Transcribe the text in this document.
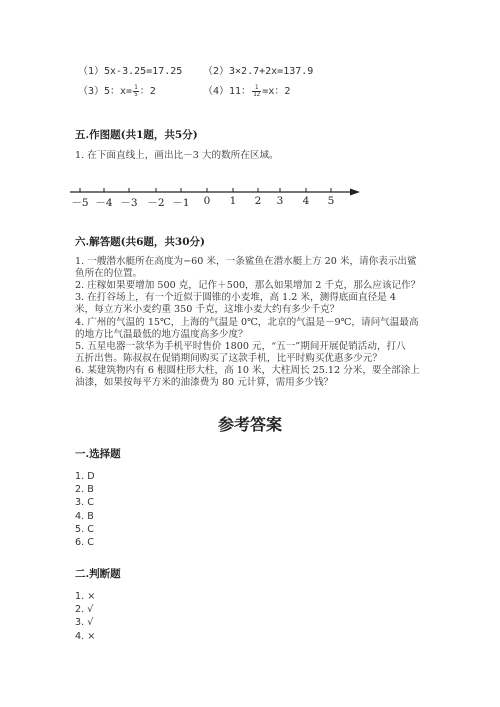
（1）5x-3.25=17.25 （2）3×2.7+2x=137.9
（3）5：$x= \frac{1}{5}$ ：2	（4）11： $\frac{1}{12} =x$：2
五.作图题(共1题，共5分)
1. 在下面直线上，画出比－3 大的数所在区域。
－5 －4 －3 －2 －1	0	1	2	3	4	5
六.解答题(共6题，共30分)
1. 一艘潜水艇所在高度为−60 米，一条鲨鱼在潜水艇上方 20 米，请你表示出鲨
鱼所在的位置。
2. 庄稼如果要增加 500 克，记作＋500，那么如果增加 2 千克，那么应该记作？
3. 在打谷场上，有一个近似于圆锥的小麦堆，高 1.2 米，测得底面直径是 4
米，每立方米小麦约重 350 千克，这堆小麦大约有多少千克？
4. 广州的气温的 15℃，上海的气温是 0℃，北京的气温是－9℃，请问气温最高
的地方比气温最低的地方温度高多少度？
5. 五星电器一款华为手机平时售价 1800 元，“五一”期间开展促销活动，打八
五折出售。陈叔叔在促销期间购买了这款手机，比平时购买优惠多少元？
6. 某建筑物内有 6 根圆柱形大柱，高 10 米，大柱周长 25.12 分米，要全部涂上
油漆，如果按每平方米的油漆费为 80 元计算，需用多少钱？
参考答案
一.选择题
1. D
2. B
3. C
4. B
5. C
6. C
二.判断题
1. ×
2. √
3. √
4. ×
